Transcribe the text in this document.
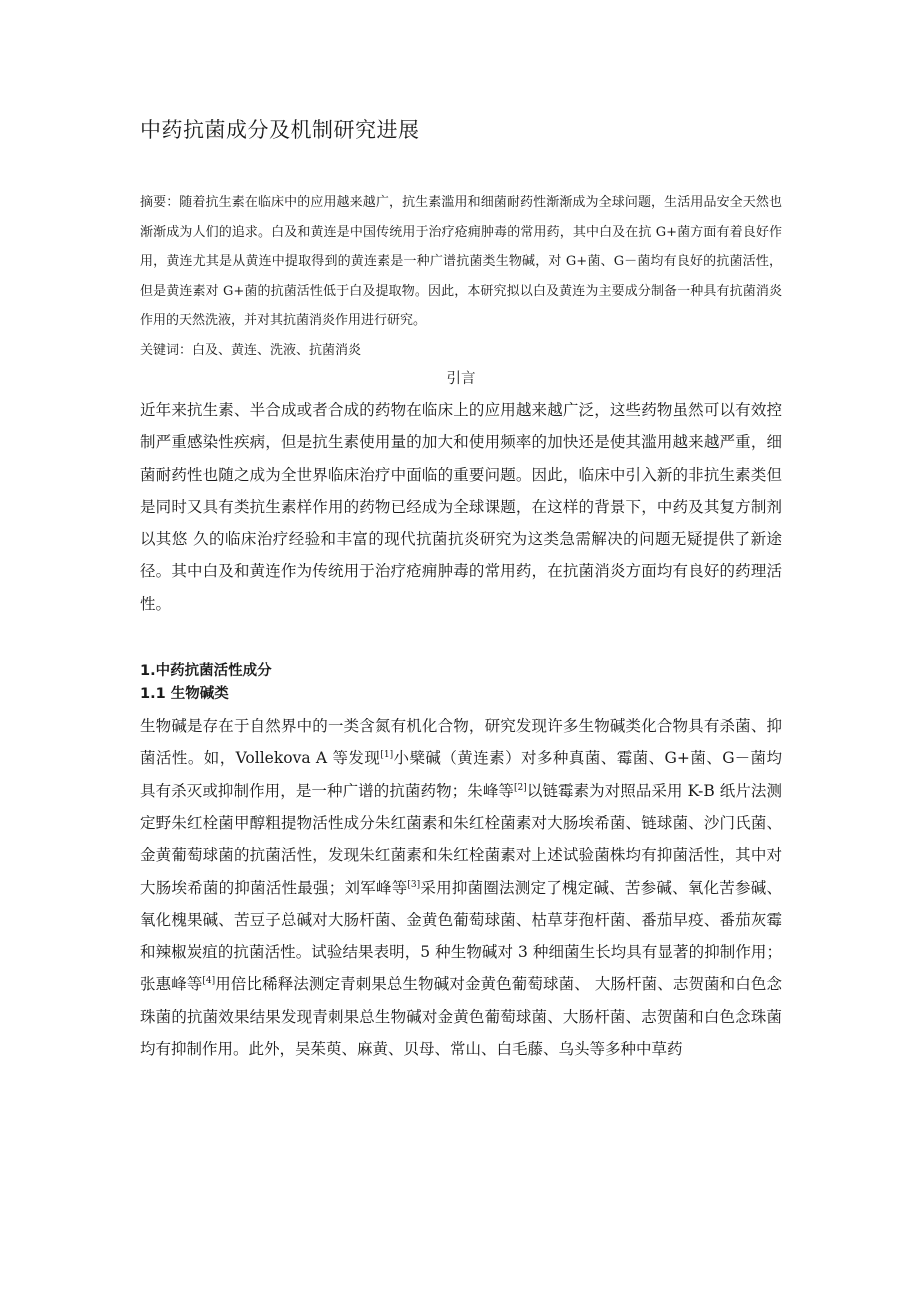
中药抗菌成分及机制研究进展

摘要：随着抗生素在临床中的应用越来越广，抗生素滥用和细菌耐药性渐渐成为全球问题，生活用品安全天然也渐渐成为人们的追求。白及和黄连是中国传统用于治疗疮痈肿毒的常用药，其中白及在抗 G+菌方面有着良好作用，黄连尤其是从黄连中提取得到的黄连素是一种广谱抗菌类生物碱，对 G+菌、G－菌均有良好的抗菌活性，但是黄连素对 G+菌的抗菌活性低于白及提取物。因此，本研究拟以白及黄连为主要成分制备一种具有抗菌消炎作用的天然洗液，并对其抗菌消炎作用进行研究。

关键词：白及、黄连、洗液、抗菌消炎

引言

近年来抗生素、半合成或者合成的药物在临床上的应用越来越广泛，这些药物虽然可以有效控制严重感染性疾病，但是抗生素使用量的加大和使用频率的加快还是使其滥用越来越严重，细菌耐药性也随之成为全世界临床治疗中面临的重要问题。因此，临床中引入新的非抗生素类但是同时又具有类抗生素样作用的药物已经成为全球课题，在这样的背景下，中药及其复方制剂以其悠 久的临床治疗经验和丰富的现代抗菌抗炎研究为这类急需解决的问题无疑提供了新途径。其中白及和黄连作为传统用于治疗疮痈肿毒的常用药，在抗菌消炎方面均有良好的药理活性。

1.中药抗菌活性成分
1.1 生物碱类

生物碱是存在于自然界中的一类含氮有机化合物，研究发现许多生物碱类化合物具有杀菌、抑菌活性。如，Vollekova A 等发现[1]小檗碱（黄连素）对多种真菌、霉菌、G+菌、G－菌均具有杀灭或抑制作用，是一种广谱的抗菌药物；朱峰等[2]以链霉素为对照品采用 K-B 纸片法测定野朱红栓菌甲醇粗提物活性成分朱红菌素和朱红栓菌素对大肠埃希菌、链球菌、沙门氏菌、金黄葡萄球菌的抗菌活性，发现朱红菌素和朱红栓菌素对上述试验菌株均有抑菌活性，其中对大肠埃希菌的抑菌活性最强；刘军峰等[3]采用抑菌圈法测定了槐定碱、苦参碱、氧化苦参碱、氧化槐果碱、苦豆子总碱对大肠杆菌、金黄色葡萄球菌、枯草芽孢杆菌、番茄早疫、番茄灰霉和辣椒炭疽的抗菌活性。试验结果表明，5 种生物碱对 3 种细菌生长均具有显著的抑制作用；张惠峰等[4]用倍比稀释法测定青刺果总生物碱对金黄色葡萄球菌、 大肠杆菌、志贺菌和白色念珠菌的抗菌效果结果发现青刺果总生物碱对金黄色葡萄球菌、大肠杆菌、志贺菌和白色念珠菌均有抑制作用。此外，吴茱萸、麻黄、贝母、常山、白毛藤、乌头等多种中草药
